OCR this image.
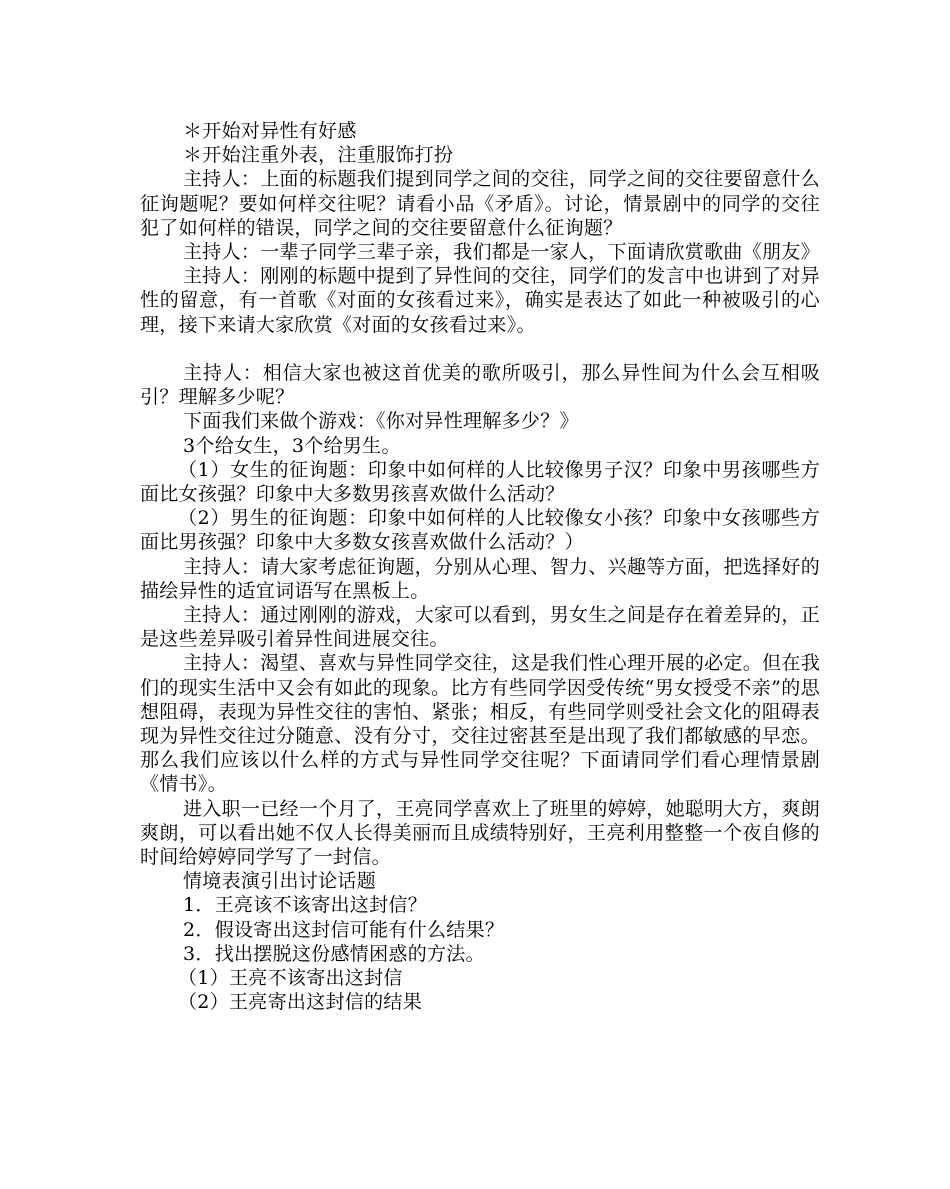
＊开始对异性有好感

＊开始注重外表，注重服饰打扮

主持人：上面的标题我们提到同学之间的交往，同学之间的交往要留意什么征询题呢？要如何样交往呢？请看小品《矛盾》。讨论，情景剧中的同学的交往犯了如何样的错误，同学之间的交往要留意什么征询题？

主持人：一辈子同学三辈子亲，我们都是一家人，下面请欣赏歌曲《朋友》

主持人：刚刚的标题中提到了异性间的交往，同学们的发言中也讲到了对异性的留意，有一首歌《对面的女孩看过来》，确实是表达了如此一种被吸引的心理，接下来请大家欣赏《对面的女孩看过来》。

主持人：相信大家也被这首优美的歌所吸引，那么异性间为什么会互相吸引？理解多少呢？

下面我们来做个游戏：《你对异性理解多少？》

3个给女生，3个给男生。

（1）女生的征询题：印象中如何样的人比较像男子汉？印象中男孩哪些方面比女孩强？印象中大多数男孩喜欢做什么活动？

（2）男生的征询题：印象中如何样的人比较像女小孩？印象中女孩哪些方面比男孩强？印象中大多数女孩喜欢做什么活动？）

主持人：请大家考虑征询题，分别从心理、智力、兴趣等方面，把选择好的描绘异性的适宜词语写在黑板上。

主持人：通过刚刚的游戏，大家可以看到，男女生之间是存在着差异的，正是这些差异吸引着异性间进展交往。

主持人：渴望、喜欢与异性同学交往，这是我们性心理开展的必定。但在我们的现实生活中又会有如此的现象。比方有些同学因受传统“男女授受不亲”的思想阻碍，表现为异性交往的害怕、紧张；相反，有些同学则受社会文化的阻碍表现为异性交往过分随意、没有分寸，交往过密甚至是出现了我们都敏感的早恋。那么我们应该以什么样的方式与异性同学交往呢？下面请同学们看心理情景剧《情书》。

进入职一已经一个月了，王亮同学喜欢上了班里的婷婷，她聪明大方，爽朗爽朗，可以看出她不仅人长得美丽而且成绩特别好，王亮利用整整一个夜自修的时间给婷婷同学写了一封信。

情境表演引出讨论话题

1．王亮该不该寄出这封信？

2．假设寄出这封信可能有什么结果？

3．找出摆脱这份感情困惑的方法。

（1）王亮不该寄出这封信

（2）王亮寄出这封信的结果
